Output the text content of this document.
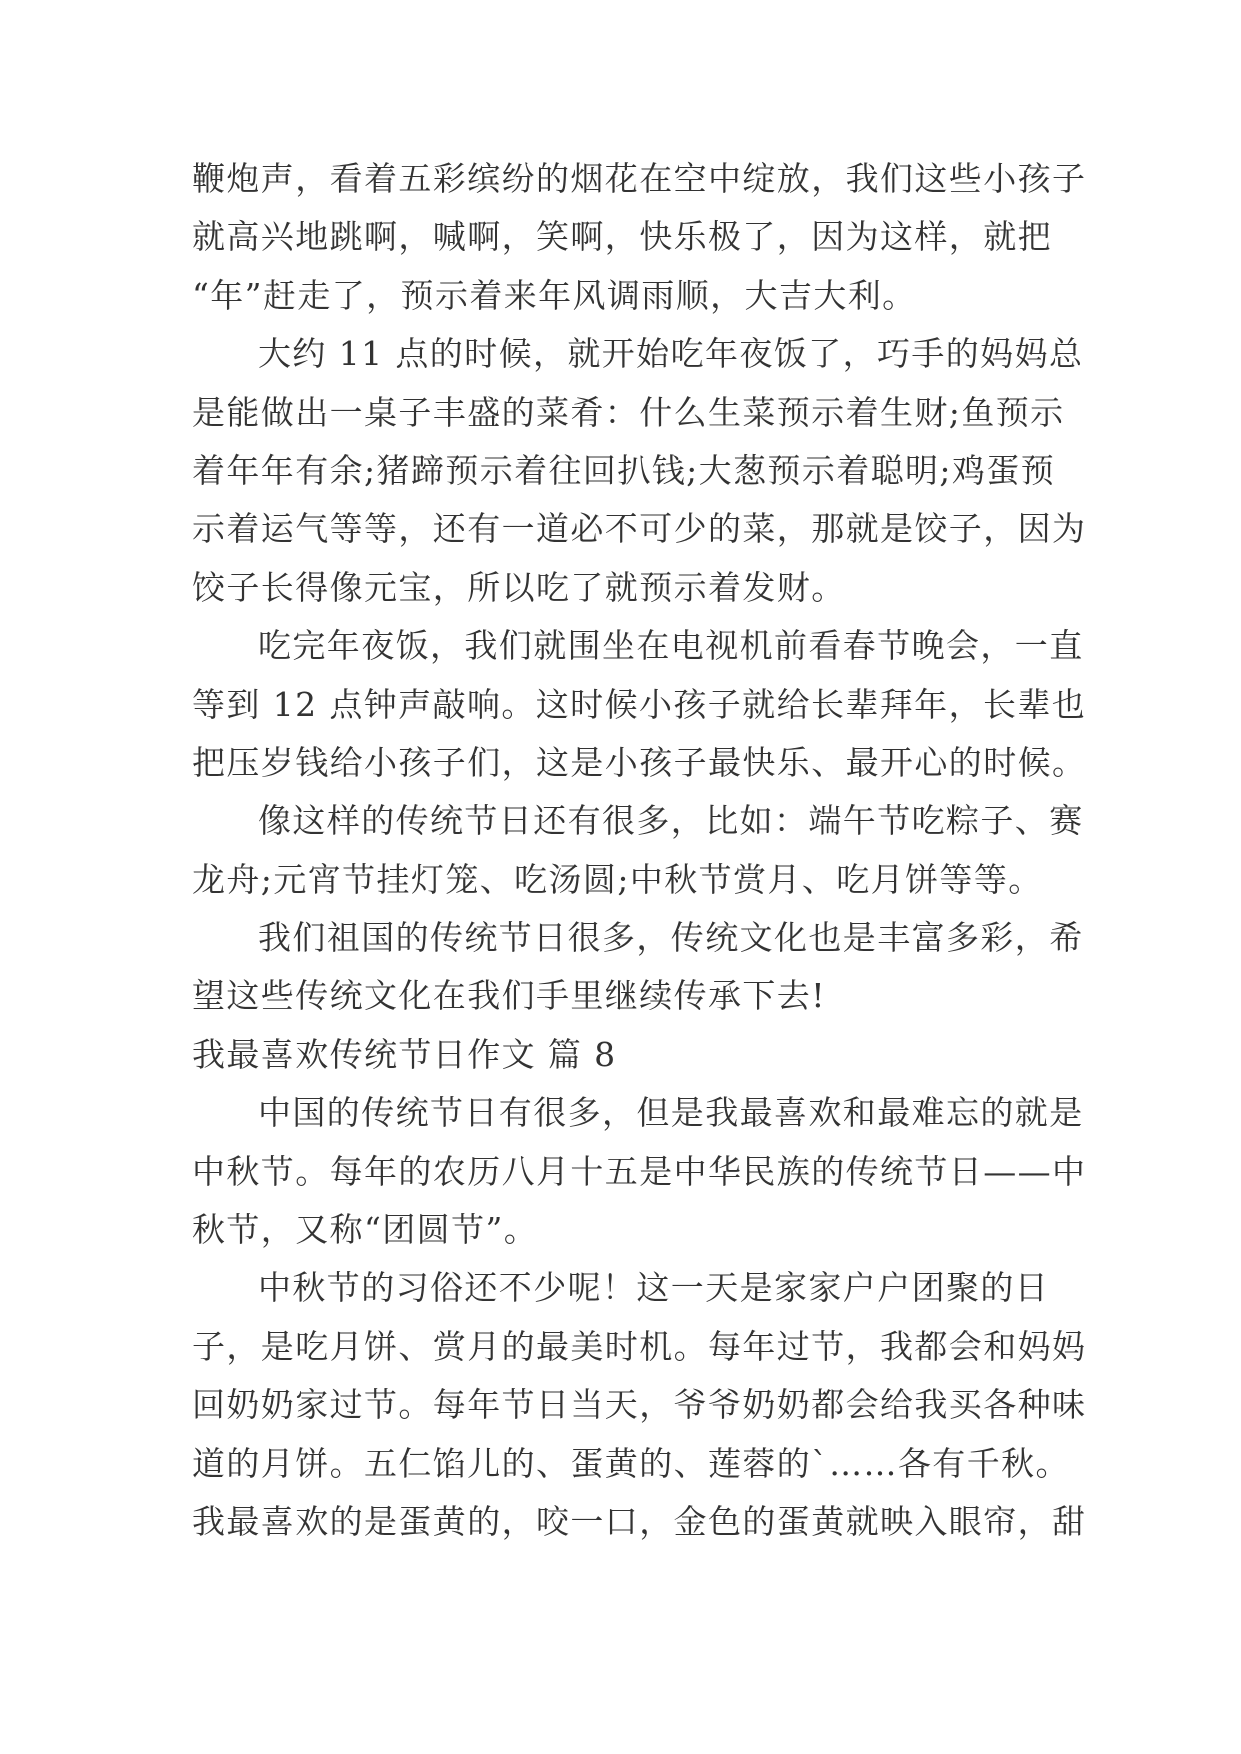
鞭炮声，看着五彩缤纷的烟花在空中绽放，我们这些小孩子
就高兴地跳啊，喊啊，笑啊，快乐极了，因为这样，就把
“年”赶走了，预示着来年风调雨顺，大吉大利。
大约 11 点的时候，就开始吃年夜饭了，巧手的妈妈总
是能做出一桌子丰盛的菜肴：什么生菜预示着生财;鱼预示
着年年有余;猪蹄预示着往回扒钱;大葱预示着聪明;鸡蛋预
示着运气等等，还有一道必不可少的菜，那就是饺子，因为
饺子长得像元宝，所以吃了就预示着发财。
吃完年夜饭，我们就围坐在电视机前看春节晚会，一直
等到 12 点钟声敲响。这时候小孩子就给长辈拜年，长辈也
把压岁钱给小孩子们，这是小孩子最快乐、最开心的时候。
像这样的传统节日还有很多，比如：端午节吃粽子、赛
龙舟;元宵节挂灯笼、吃汤圆;中秋节赏月、吃月饼等等。
我们祖国的传统节日很多，传统文化也是丰富多彩，希
望这些传统文化在我们手里继续传承下去!
我最喜欢传统节日作文 篇 8
中国的传统节日有很多，但是我最喜欢和最难忘的就是
中秋节。每年的农历八月十五是中华民族的传统节日——中
秋节，又称“团圆节”。
中秋节的习俗还不少呢！这一天是家家户户团聚的日
子，是吃月饼、赏月的最美时机。每年过节，我都会和妈妈
回奶奶家过节。每年节日当天，爷爷奶奶都会给我买各种味
道的月饼。五仁馅儿的、蛋黄的、莲蓉的`……各有千秋。
我最喜欢的是蛋黄的，咬一口，金色的蛋黄就映入眼帘，甜
